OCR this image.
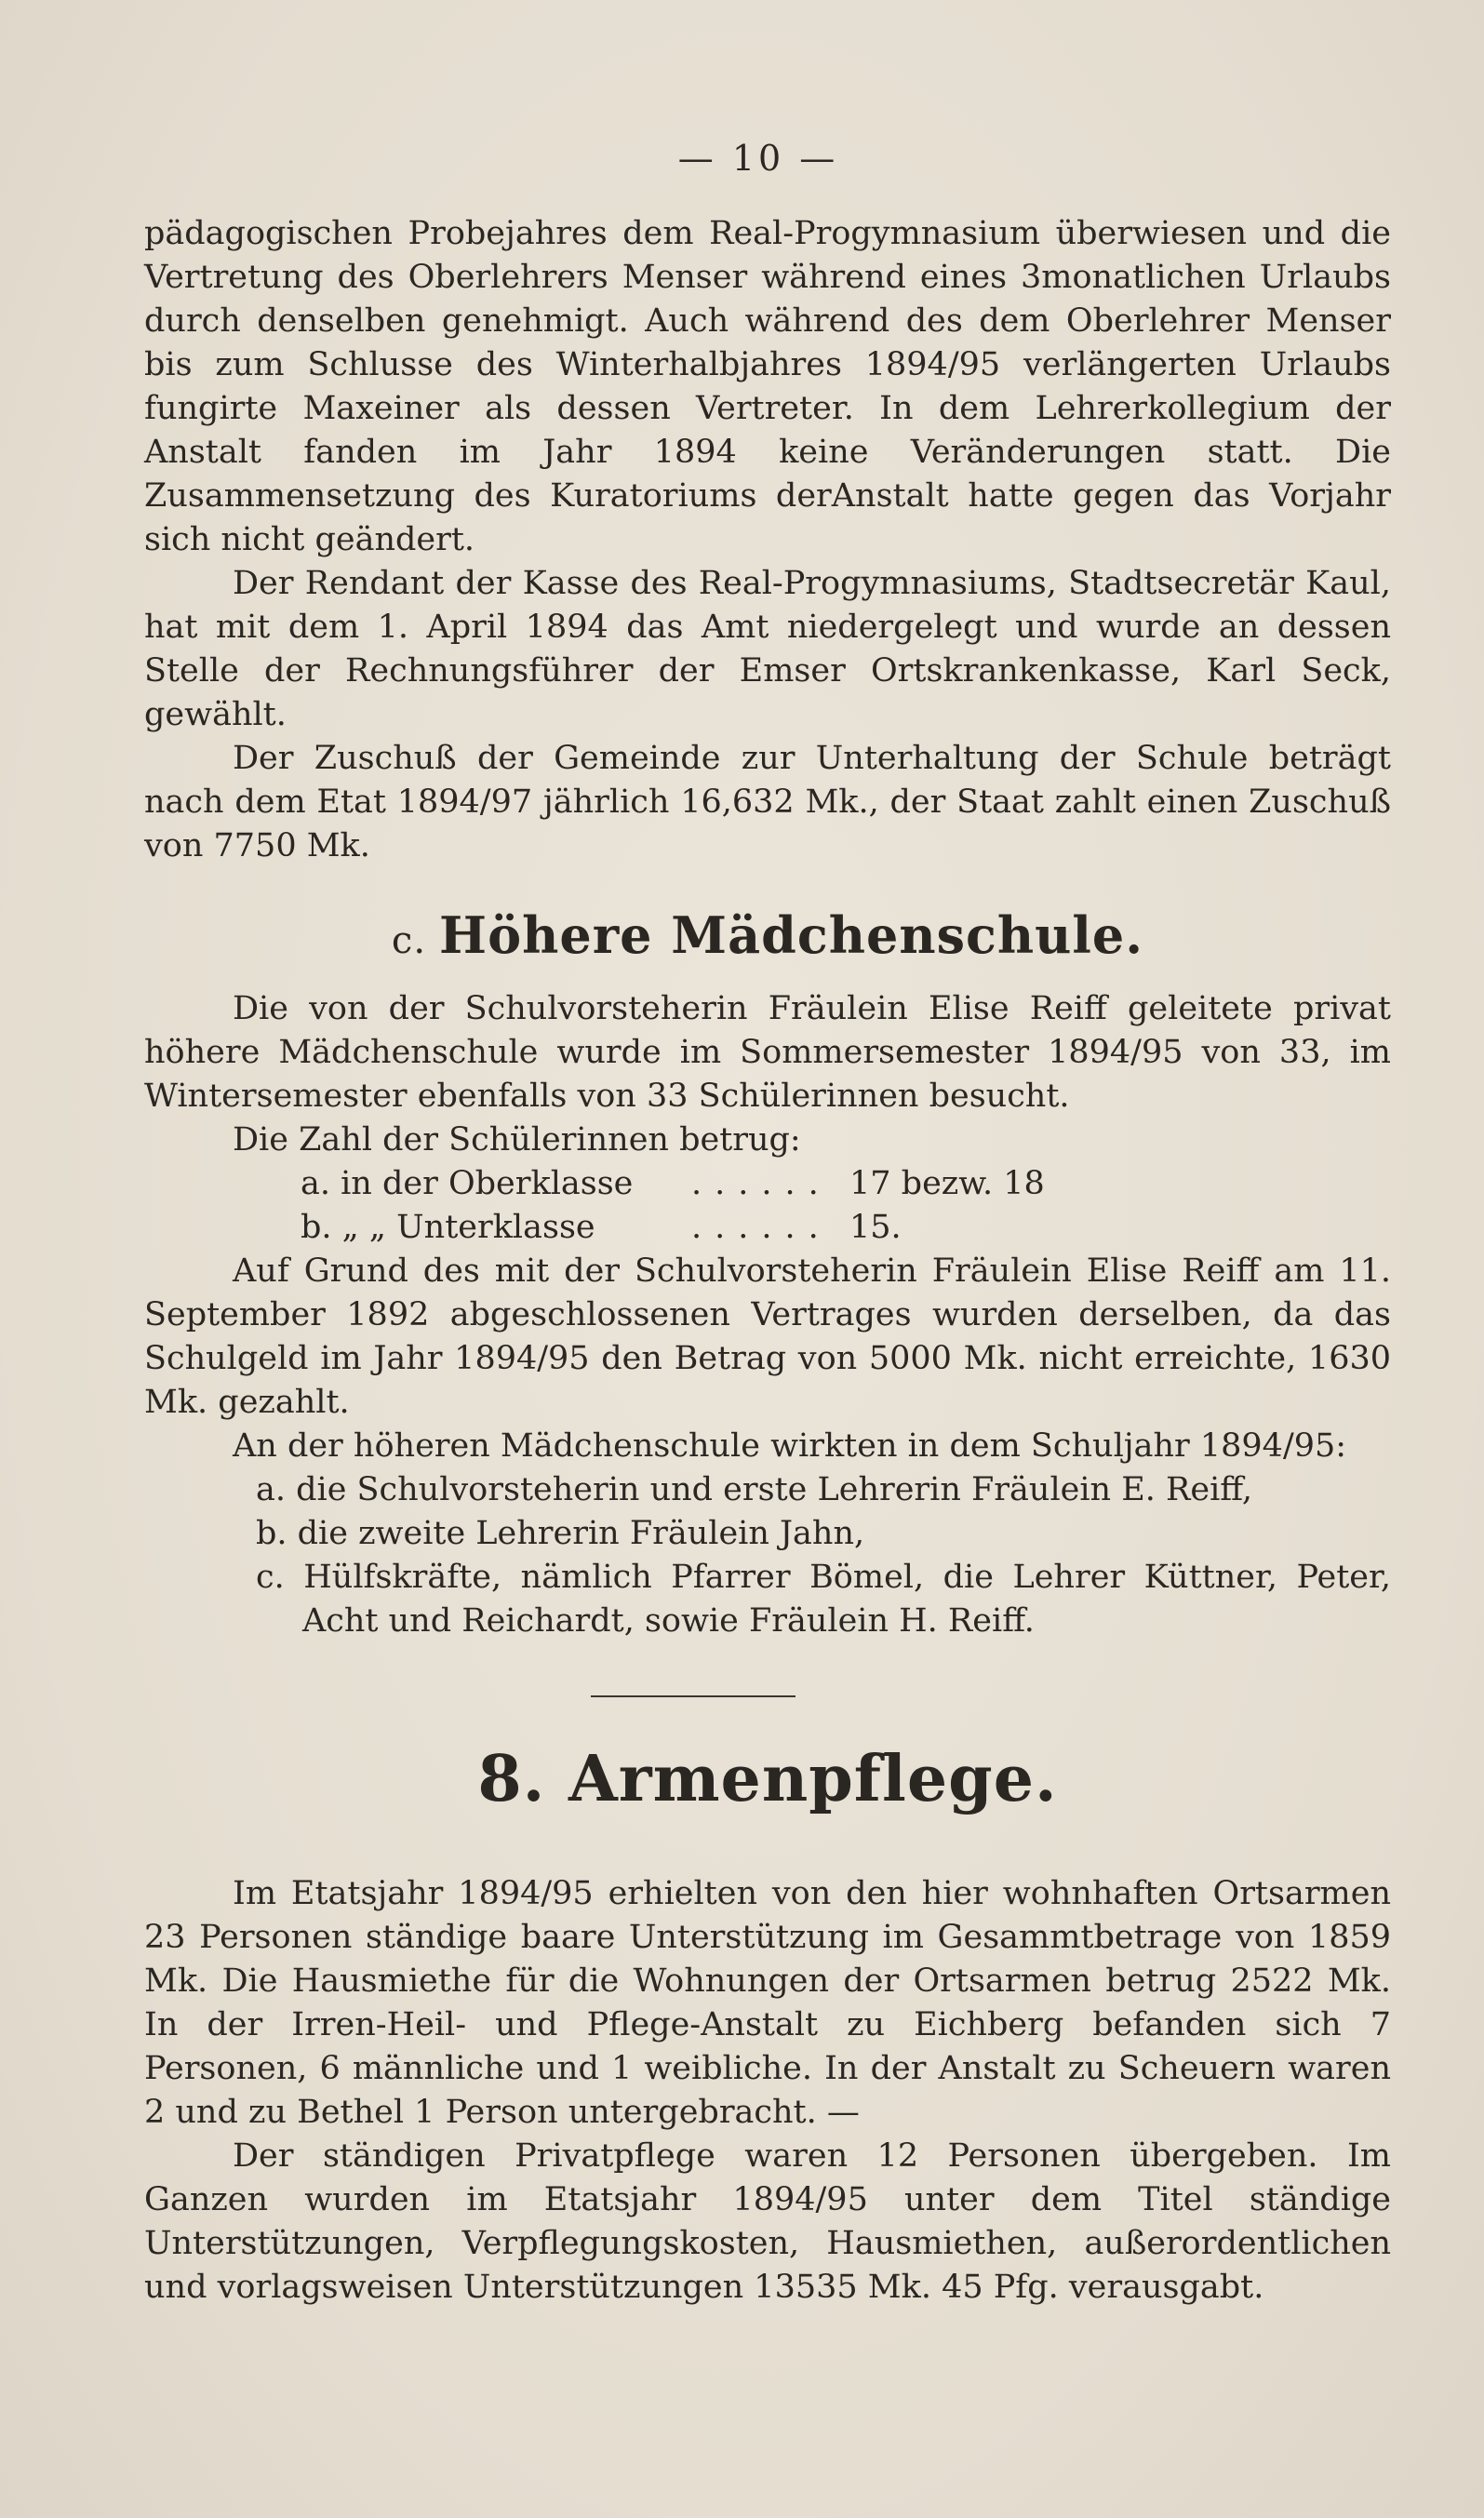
— 10 —

pädagogischen Probejahres dem Real-Progymnasium überwiesen und die Vertretung des Oberlehrers Menser während eines 3monatlichen Urlaubs durch denselben genehmigt. Auch während des dem Oberlehrer Menser bis zum Schlusse des Winterhalbjahres 1894/95 verlängerten Urlaubs fungirte Maxeiner als dessen Vertreter. In dem Lehrerkollegium der Anstalt fanden im Jahr 1894 keine Veränderungen statt. Die Zusammensetzung des Kuratoriums derAnstalt hatte gegen das Vorjahr sich nicht geändert.

Der Rendant der Kasse des Real-Progymnasiums, Stadtsecretär Kaul, hat mit dem 1. April 1894 das Amt niedergelegt und wurde an dessen Stelle der Rechnungsführer der Emser Ortskrankenkasse, Karl Seck, gewählt.

Der Zuschuß der Gemeinde zur Unterhaltung der Schule beträgt nach dem Etat 1894/97 jährlich 16,632 Mk., der Staat zahlt einen Zuschuß von 7750 Mk.

c. Höhere Mädchenschule.

Die von der Schulvorsteherin Fräulein Elise Reiff geleitete privat höhere Mädchenschule wurde im Sommersemester 1894/95 von 33, im Wintersemester ebenfalls von 33 Schülerinnen besucht.

Die Zahl der Schülerinnen betrug:

a. in der Oberklasse	...... 17 bezw. 18
b. „ „ Unterklasse	...... 15.

Auf Grund des mit der Schulvorsteherin Fräulein Elise Reiff am 11. September 1892 abgeschlossenen Vertrages wurden derselben, da das Schulgeld im Jahr 1894/95 den Betrag von 5000 Mk. nicht erreichte, 1630 Mk. gezahlt.

An der höheren Mädchenschule wirkten in dem Schuljahr 1894/95:

a. die Schulvorsteherin und erste Lehrerin Fräulein E. Reiff,
b. die zweite Lehrerin Fräulein Jahn,
c. Hülfskräfte, nämlich Pfarrer Bömel, die Lehrer Küttner, Peter, Acht und Reichardt, sowie Fräulein H. Reiff.
8. Armenpflege.

Im Etatsjahr 1894/95 erhielten von den hier wohnhaften Ortsarmen 23 Personen ständige baare Unterstützung im Gesammtbetrage von 1859 Mk. Die Hausmiethe für die Wohnungen der Ortsarmen betrug 2522 Mk. In der Irren-Heil- und Pflege-Anstalt zu Eichberg befanden sich 7 Personen, 6 männliche und 1 weibliche. In der Anstalt zu Scheuern waren 2 und zu Bethel 1 Person untergebracht. —

Der ständigen Privatpflege waren 12 Personen übergeben. Im Ganzen wurden im Etatsjahr 1894/95 unter dem Titel ständige Unterstützungen, Verpflegungskosten, Hausmiethen, außerordentlichen und vorlagsweisen Unterstützungen 13535 Mk. 45 Pfg. verausgabt.
